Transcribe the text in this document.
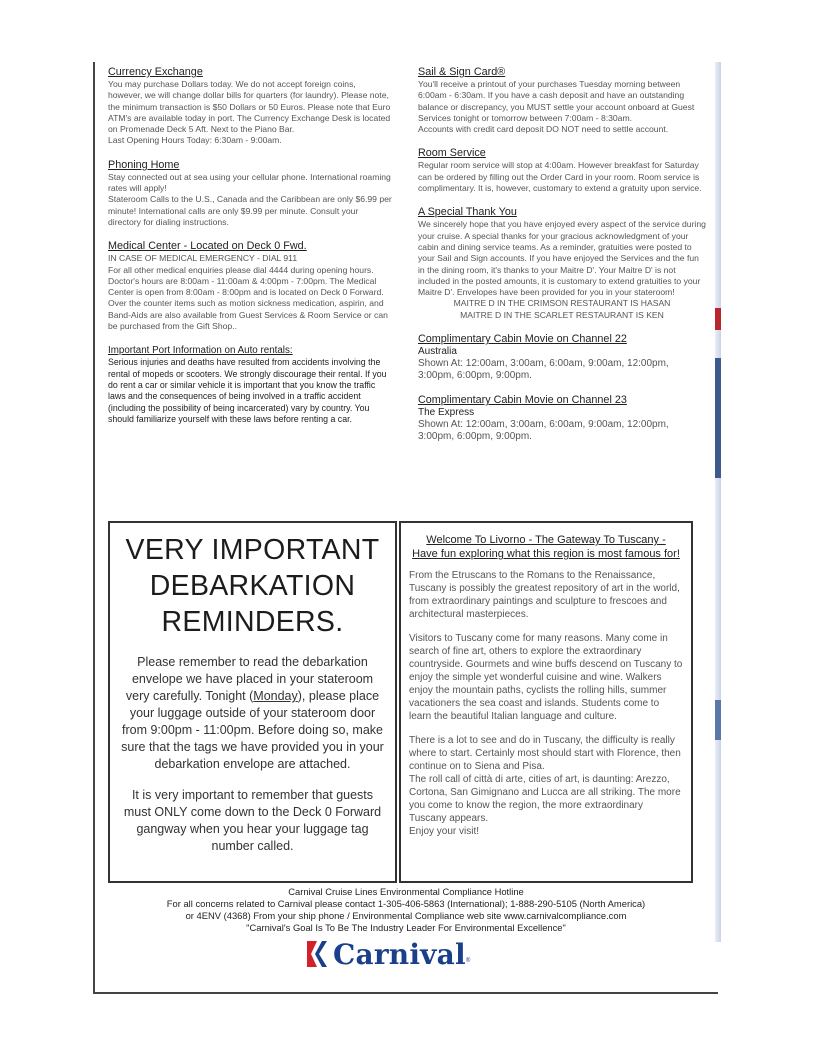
Currency Exchange

You may purchase Dollars today. We do not accept foreign coins, however, we will change dollar bills for quarters (for laundry). Please note, the minimum transaction is $50 Dollars or 50 Euros. Please note that Euro ATM's are available today in port. The Currency Exchange Desk is located on Promenade Deck 5 Aft. Next to the Piano Bar.

Last Opening Hours Today: 6:30am - 9:00am.

Phoning Home

Stay connected out at sea using your cellular phone. International roaming rates will apply!

Stateroom Calls to the U.S., Canada and the Caribbean are only $6.99 per minute! International calls are only $9.99 per minute. Consult your directory for dialing instructions.

Medical Center - Located on Deck 0 Fwd.

IN CASE OF MEDICAL EMERGENCY - DIAL 911

For all other medical enquiries please dial 4444 during opening hours. Doctor's hours are 8:00am - 11:00am & 4:00pm - 7:00pm. The Medical Center is open from 8:00am - 8:00pm and is located on Deck 0 Forward. Over the counter items such as motion sickness medication, aspirin, and Band-Aids are also available from Guest Services & Room Service or can be purchased from the Gift Shop..

Important Port Information on Auto rentals:

Serious injuries and deaths have resulted from accidents involving the rental of mopeds or scooters. We strongly discourage their rental. If you do rent a car or similar vehicle it is important that you know the traffic laws and the consequences of being involved in a traffic accident (including the possibility of being incarcerated) vary by country. You should familiarize yourself with these laws before renting a car.

Sail & Sign Card®

You'll receive a printout of your purchases Tuesday morning between 6:00am - 6:30am. If you have a cash deposit and have an outstanding balance or discrepancy, you MUST settle your account onboard at Guest Services tonight or tomorrow between 7:00am - 8:30am.

Accounts with credit card deposit DO NOT need to settle account.

Room Service

Regular room service will stop at 4:00am. However breakfast for Saturday can be ordered by filling out the Order Card in your room. Room service is complimentary. It is, however, customary to extend a gratuity upon service.

A Special Thank You

We sincerely hope that you have enjoyed every aspect of the service during your cruise. A special thanks for your gracious acknowledgment of your cabin and dining service teams. As a reminder, gratuities were posted to your Sail and Sign accounts. If you have enjoyed the Services and the fun in the dining room, it's thanks to your Maitre D'. Your Maitre D' is not included in the posted amounts, it is customary to extend gratuities to your Maitre D'. Envelopes have been provided for you in your stateroom!

MAITRE D IN THE CRIMSON RESTAURANT IS HASAN

MAITRE D IN THE SCARLET RESTAURANT IS KEN

Complimentary Cabin Movie on Channel 22
Australia
Shown At: 12:00am, 3:00am, 6:00am, 9:00am, 12:00pm, 3:00pm, 6:00pm, 9:00pm.
Complimentary Cabin Movie on Channel 23
The Express
Shown At: 12:00am, 3:00am, 6:00am, 9:00am, 12:00pm, 3:00pm, 6:00pm, 9:00pm.
VERY IMPORTANT
DEBARKATION
REMINDERS.

Please remember to read the debarkation envelope we have placed in your stateroom very carefully. Tonight (Monday), please place your luggage outside of your stateroom door from 9:00pm - 11:00pm. Before doing so, make sure that the tags we have provided you in your debarkation envelope are attached.

It is very important to remember that guests must ONLY come down to the Deck 0 Forward gangway when you hear your luggage tag number called.

Welcome To Livorno - The Gateway To Tuscany -
Have fun exploring what this region is most famous for!

From the Etruscans to the Romans to the Renaissance, Tuscany is possibly the greatest repository of art in the world, from extraordinary paintings and sculpture to frescoes and architectural masterpieces.

Visitors to Tuscany come for many reasons. Many come in search of fine art, others to explore the extraordinary countryside. Gourmets and wine buffs descend on Tuscany to enjoy the simple yet wonderful cuisine and wine. Walkers enjoy the mountain paths, cyclists the rolling hills, summer vacationers the sea coast and islands. Students come to learn the beautiful Italian language and culture.

There is a lot to see and do in Tuscany, the difficulty is really where to start. Certainly most should start with Florence, then continue on to Siena and Pisa.

The roll call of città di arte, cities of art, is daunting: Arezzo, Cortona, San Gimignano and Lucca are all striking. The more you come to know the region, the more extraordinary Tuscany appears.

Enjoy your visit!

Carnival Cruise Lines Environmental Compliance Hotline
For all concerns related to Carnival please contact 1-305-406-5863 (International); 1-888-290-5105 (North America)
or 4ENV (4368) From your ship phone / Environmental Compliance web site www.carnivalcompliance.com
"Carnival's Goal Is To Be The Industry Leader For Environmental Excellence"
Carnival ®
